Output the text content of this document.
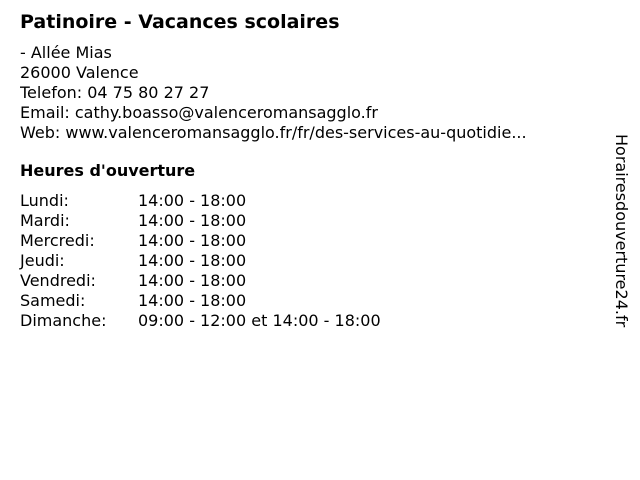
Patinoire - Vacances scolaires
- Allée Mias
26000 Valence
Telefon: 04 75 80 27 27
Email: cathy.boasso@valenceromansagglo.fr
Web: www.valenceromansagglo.fr/fr/des-services-au-quotidie...
Heures d'ouverture
Lundi:	14:00 - 18:00
Mardi:	14:00 - 18:00
Mercredi:	14:00 - 18:00
Jeudi:	14:00 - 18:00
Vendredi:	14:00 - 18:00
Samedi:	14:00 - 18:00
Dimanche:	09:00 - 12:00 et 14:00 - 18:00	Horairesdouverture24.fr
